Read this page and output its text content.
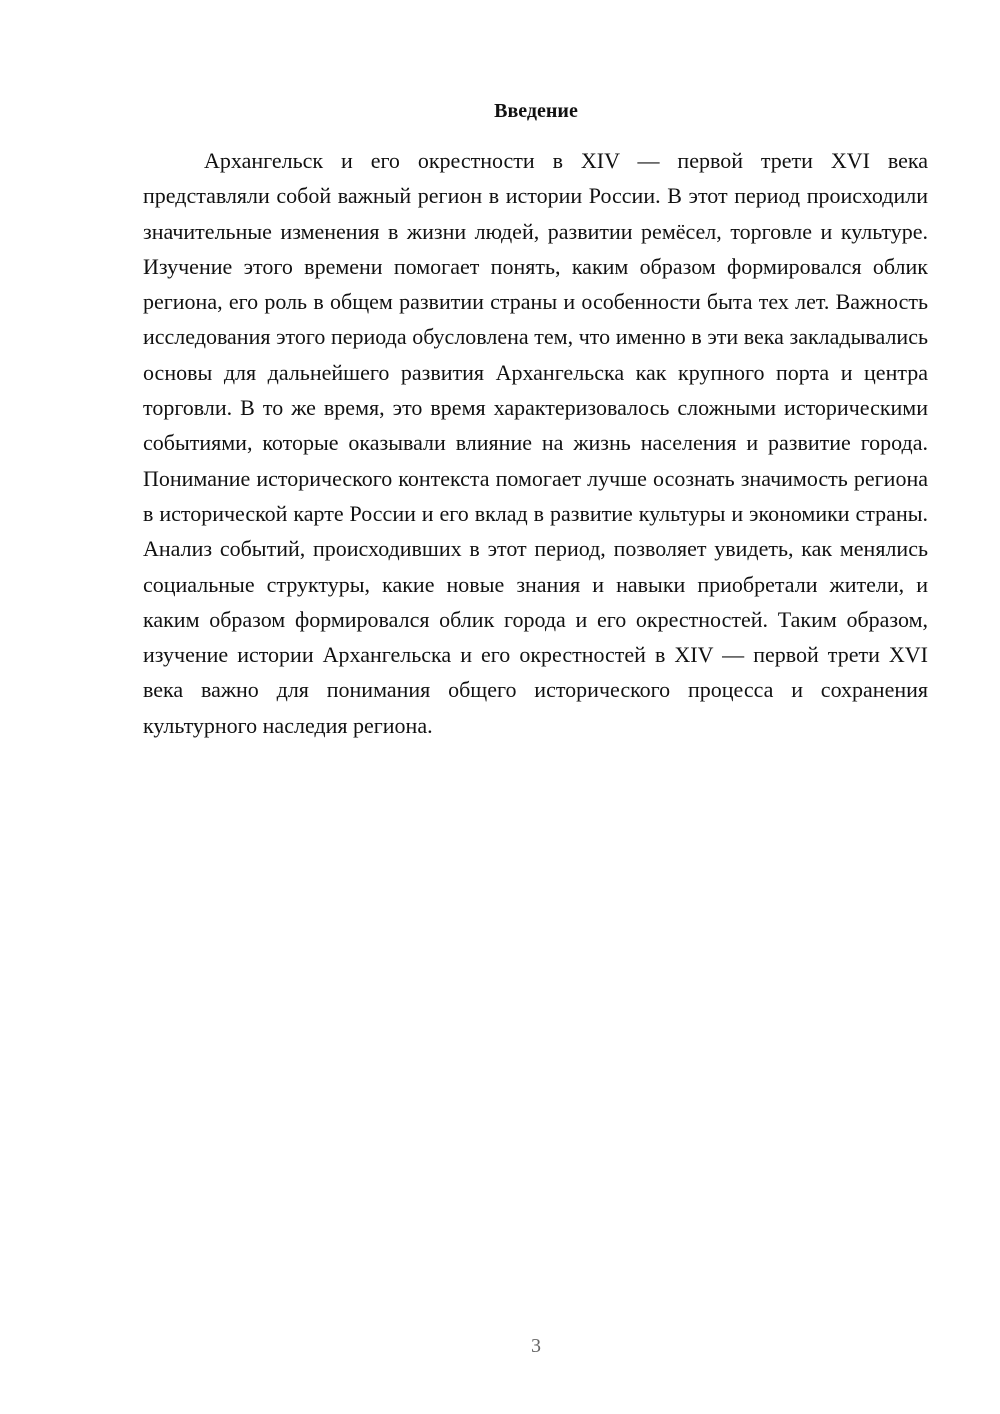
Введение

Архангельск и его окрестности в XIV — первой трети XVI века представляли собой важный регион в истории России. В этот период происходили значительные изменения в жизни людей, развитии ремёсел, торговле и культуре. Изучение этого времени помогает понять, каким образом формировался облик региона, его роль в общем развитии страны и особенности быта тех лет. Важность исследования этого периода обусловлена тем, что именно в эти века закладывались основы для дальнейшего развития Архангельска как крупного порта и центра торговли. В то же время, это время характеризовалось сложными историческими событиями, которые оказывали влияние на жизнь населения и развитие города. Понимание исторического контекста помогает лучше осознать значимость региона в исторической карте России и его вклад в развитие культуры и экономики страны. Анализ событий, происходивших в этот период, позволяет увидеть, как менялись социальные структуры, какие новые знания и навыки приобретали жители, и каким образом формировался облик города и его окрестностей. Таким образом, изучение истории Архангельска и его окрестностей в XIV — первой трети XVI века важно для понимания общего исторического процесса и сохранения культурного наследия региона.

3
